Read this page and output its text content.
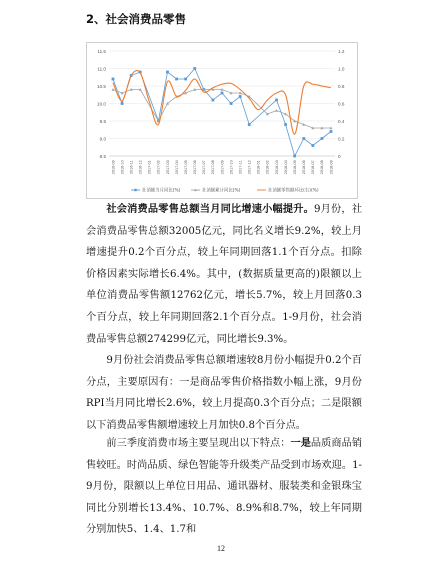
2、社会消费品零售
8.5
9.0
9.5
10.0
10.5
11.0
11.5
0
0.2
0.4
0.6
0.8
1.0
1.2
2016-09 2016-10 2016-11 2016-12 2017-01 2017-02 2017-03 2017-04 2017-05 2017-06 2017-07 2017-08 2017-09 2017-10 2017-11 2017-12 2018-01 2018-02 2018-03 2018-04 2018-05 2018-06 2018-07 2018-08 2018-09
社消额当月同比(%)	社消额累计同比(%)	社消额零售额环比(右)(%)

社会消费品零售总额当月同比增速小幅提升。9月份，社会消费品零售总额32005亿元，同比名义增长9.2%，较上月增速提升0.2个百分点，较上年同期回落1.1个百分点。扣除价格因素实际增长6.4%。其中，(数据质量更高的)限额以上单位消费品零售额12762亿元，增长5.7%，较上月回落0.3个百分点，较上年同期回落2.1个百分点。1-9月份，社会消费品零售总额274299亿元，同比增长9.3%。

9月份社会消费品零售总额增速较8月份小幅提升0.2个百分点，主要原因有：一是商品零售价格指数小幅上涨，9月份RPI当月同比增长2.6%，较上月提高0.3个百分点；二是限额以下消费品零售额增速较上月加快0.8个百分点。

前三季度消费市场主要呈现出以下特点：一是品质商品销售较旺。时尚品质、绿色智能等升级类产品受到市场欢迎。1-9月份，限额以上单位日用品、通讯器材、服装类和金银珠宝同比分别增长13.4%、10.7%、8.9%和8.7%，较上年同期分别加快5、1.4、1.7和

12
